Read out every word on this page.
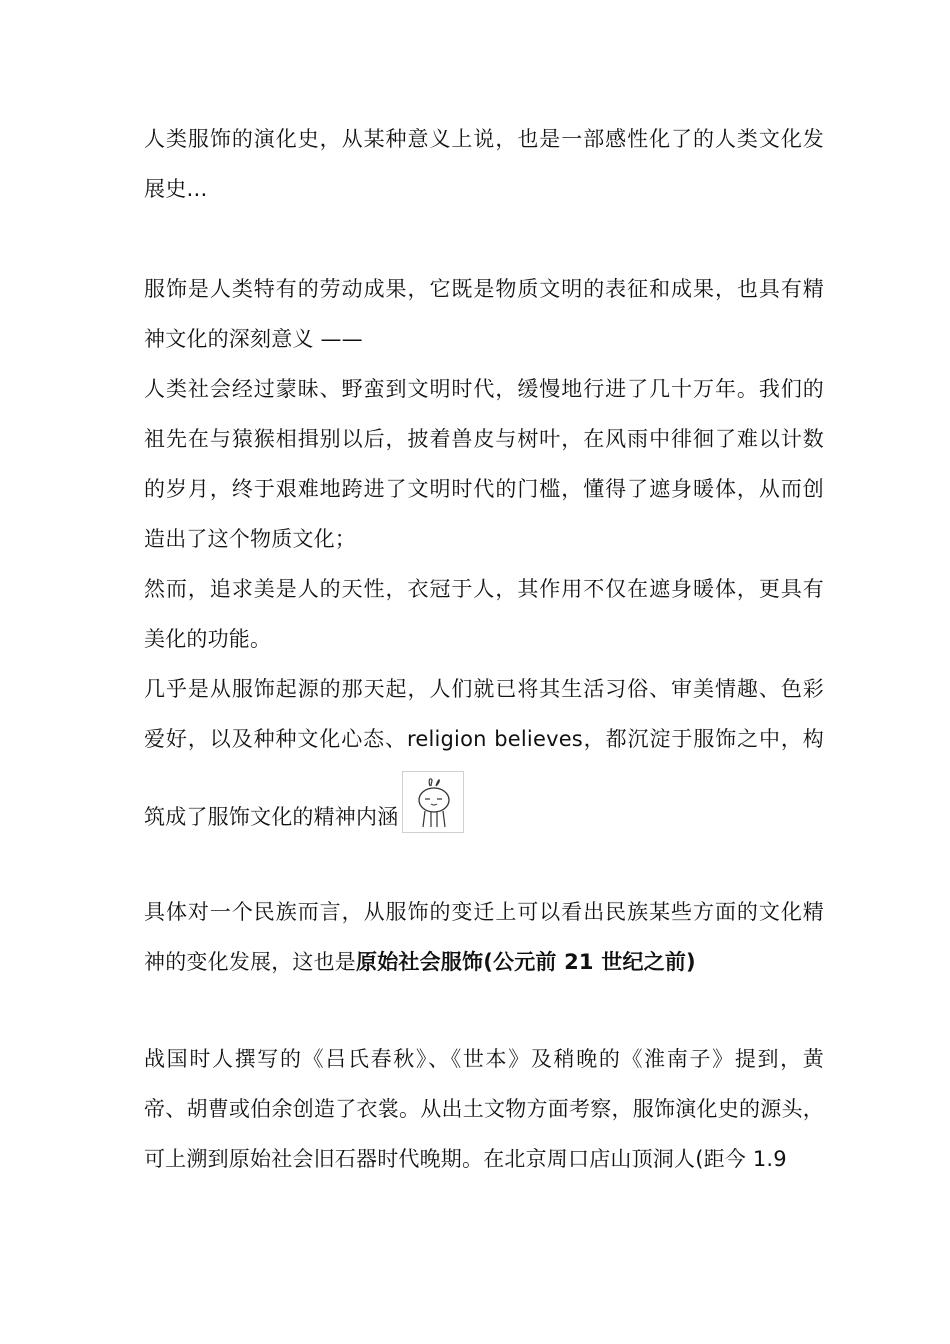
人类服饰的演化史，从某种意义上说，也是一部感性化了的人类文化发
展史…
服饰是人类特有的劳动成果，它既是物质文明的表征和成果，也具有精
神文化的深刻意义 ——
人类社会经过蒙昧、野蛮到文明时代，缓慢地行进了几十万年。我们的
祖先在与猿猴相揖别以后，披着兽皮与树叶，在风雨中徘徊了难以计数
的岁月，终于艰难地跨进了文明时代的门槛，懂得了遮身暖体，从而创
造出了这个物质文化；
然而，追求美是人的天性，衣冠于人，其作用不仅在遮身暖体，更具有
美化的功能。
几乎是从服饰起源的那天起，人们就已将其生活习俗、审美情趣、色彩
爱好，以及种种文化心态、religion believes，都沉淀于服饰之中，构
筑成了服饰文化的精神内涵
具体对一个民族而言，从服饰的变迁上可以看出民族某些方面的文化精
神的变化发展，这也是原始社会服饰(公元前 21 世纪之前)
战国时人撰写的《吕氏春秋》、《世本》及稍晚的《淮南子》提到，黄
帝、胡曹或伯余创造了衣裳。从出土文物方面考察，服饰演化史的源头，
可上溯到原始社会旧石器时代晚期。在北京周口店山顶洞人(距今 1.9
